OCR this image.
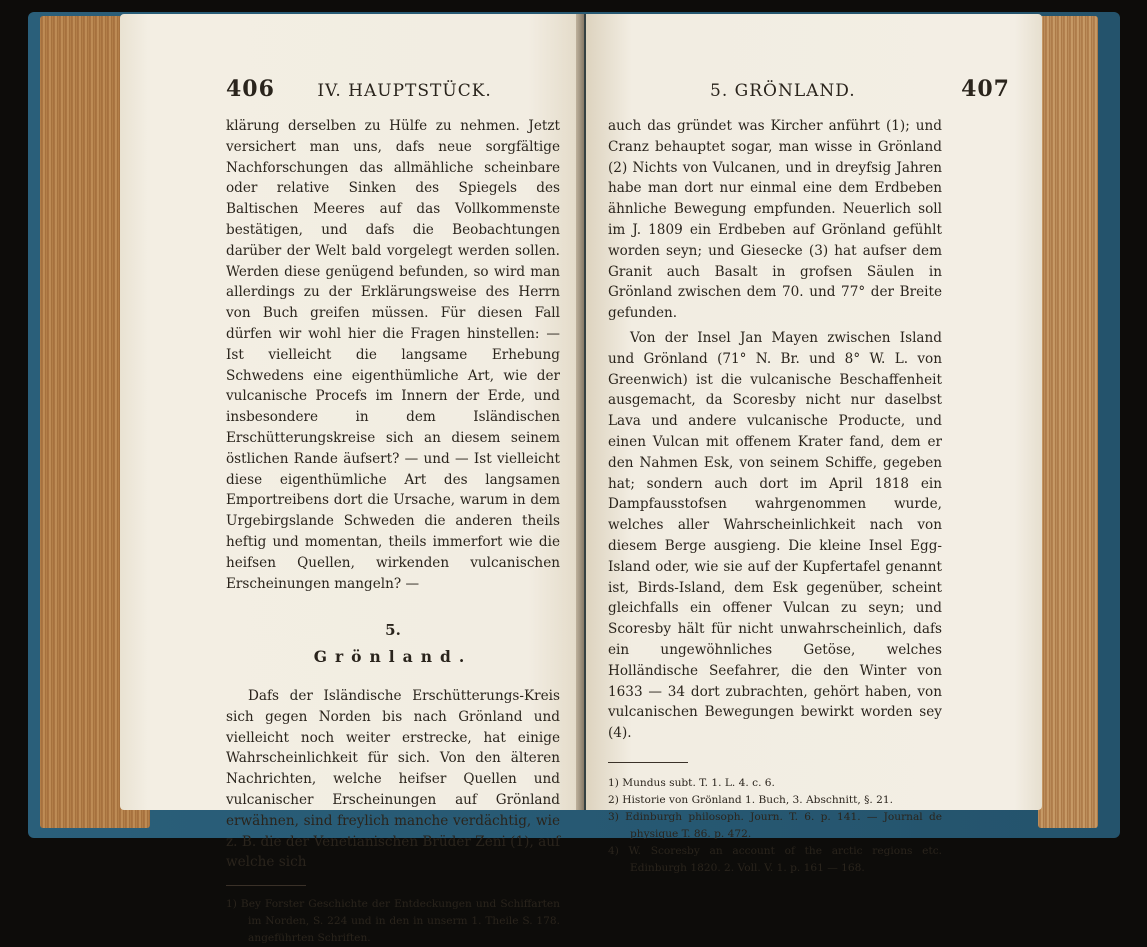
406 IV. HAUPTSTÜCK.

klärung derselben zu Hülfe zu nehmen. Jetzt versichert man uns, dafs neue sorgfältige Nachforschungen das allmähliche scheinbare oder relative Sinken des Spiegels des Baltischen Meeres auf das Vollkommenste bestätigen, und dafs die Beobachtungen darüber der Welt bald vorgelegt werden sollen. Werden diese genügend befunden, so wird man allerdings zu der Erklärungsweise des Herrn von Buch greifen müssen. Für diesen Fall dürfen wir wohl hier die Fragen hinstellen: — Ist vielleicht die langsame Erhebung Schwedens eine eigenthümliche Art, wie der vulcanische Procefs im Innern der Erde, und insbesondere in dem Isländischen Erschütterungskreise sich an diesem seinem östlichen Rande äufsert? — und — Ist vielleicht diese eigenthümliche Art des langsamen Emportreibens dort die Ursache, warum in dem Urgebirgslande Schweden die anderen theils heftig und momentan, theils immerfort wie die heifsen Quellen, wirkenden vulcanischen Erscheinungen mangeln? —

5.
Grönland.

Dafs der Isländische Erschütterungs-Kreis sich gegen Norden bis nach Grönland und vielleicht noch weiter erstrecke, hat einige Wahrscheinlichkeit für sich. Von den älteren Nachrichten, welche heifser Quellen und vulcanischer Erscheinungen auf Grönland erwähnen, sind freylich manche verdächtig, wie z. B. die der Venetianischen Brüder Zeni (1), auf welche sich

1) Bey Forster Geschichte der Entdeckungen und Schiffarten im Norden, S. 224 und in den in unserm 1. Theile S. 178. angeführten Schriften.

5. GRÖNLAND.	407

auch das gründet was Kircher anführt (1); und Cranz behauptet sogar, man wisse in Grönland (2) Nichts von Vulcanen, und in dreyfsig Jahren habe man dort nur einmal eine dem Erdbeben ähnliche Bewegung empfunden. Neuerlich soll im J. 1809 ein Erdbeben auf Grönland gefühlt worden seyn; und Giesecke (3) hat aufser dem Granit auch Basalt in grofsen Säulen in Grönland zwischen dem 70. und 77° der Breite gefunden.

Von der Insel Jan Mayen zwischen Island und Grönland (71° N. Br. und 8° W. L. von Greenwich) ist die vulcanische Beschaffenheit ausgemacht, da Scoresby nicht nur daselbst Lava und andere vulcanische Producte, und einen Vulcan mit offenem Krater fand, dem er den Nahmen Esk, von seinem Schiffe, gegeben hat; sondern auch dort im April 1818 ein Dampfausstofsen wahrgenommen wurde, welches aller Wahrscheinlichkeit nach von diesem Berge ausgieng. Die kleine Insel Egg-Island oder, wie sie auf der Kupfertafel genannt ist, Birds-Island, dem Esk gegenüber, scheint gleichfalls ein offener Vulcan zu seyn; und Scoresby hält für nicht unwahrscheinlich, dafs ein ungewöhnliches Getöse, welches Holländische Seefahrer, die den Winter von 1633 — 34 dort zubrachten, gehört haben, von vulcanischen Bewegungen bewirkt worden sey (4).

1) Mundus subt. T. 1. L. 4. c. 6.

2) Historie von Grönland 1. Buch, 3. Abschnitt, §. 21.

3) Edinburgh philosoph. Journ. T. 6. p. 141. — Journal de physique T. 86. p. 472.

4) W. Scoresby an account of the arctic regions etc. Edinburgh 1820. 2. Voll. V. 1. p. 161 — 168.
